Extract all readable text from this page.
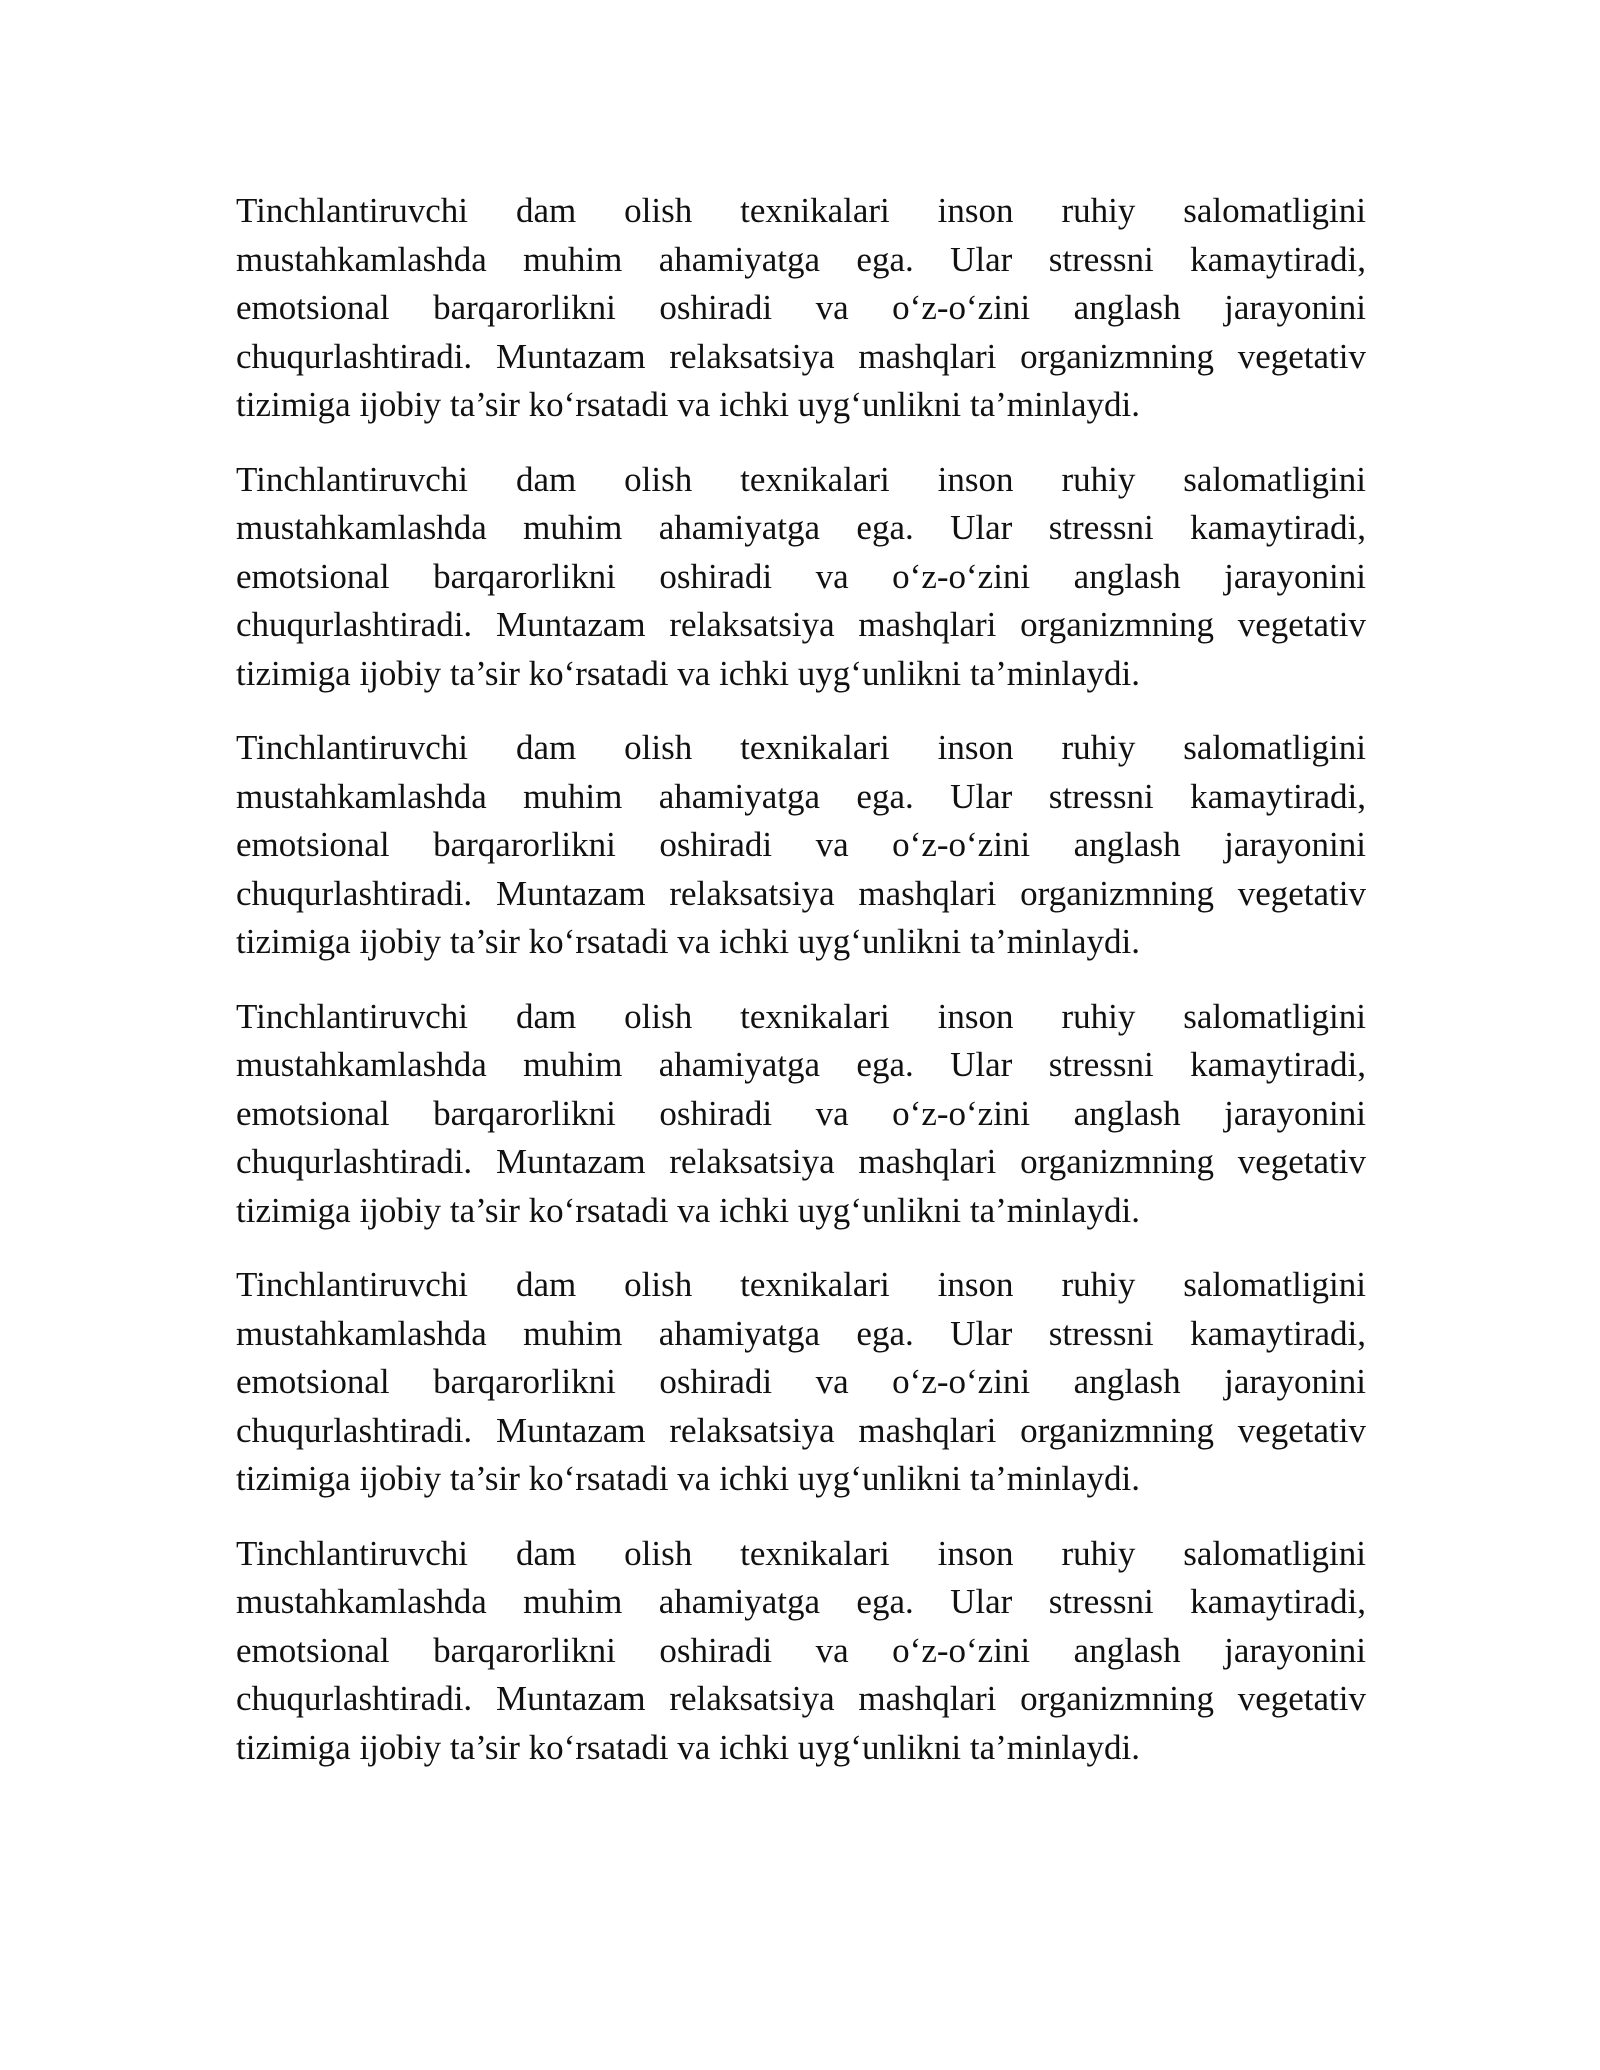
Tinchlantiruvchi dam olish texnikalari inson ruhiy salomatligini
mustahkamlashda muhim ahamiyatga ega. Ular stressni kamaytiradi,
emotsional barqarorlikni oshiradi va o‘z-o‘zini anglash jarayonini
chuqurlashtiradi. Muntazam relaksatsiya mashqlari organizmning vegetativ
tizimiga ijobiy ta’sir ko‘rsatadi va ichki uyg‘unlikni ta’minlaydi.

Tinchlantiruvchi dam olish texnikalari inson ruhiy salomatligini
mustahkamlashda muhim ahamiyatga ega. Ular stressni kamaytiradi,
emotsional barqarorlikni oshiradi va o‘z-o‘zini anglash jarayonini
chuqurlashtiradi. Muntazam relaksatsiya mashqlari organizmning vegetativ
tizimiga ijobiy ta’sir ko‘rsatadi va ichki uyg‘unlikni ta’minlaydi.

Tinchlantiruvchi dam olish texnikalari inson ruhiy salomatligini
mustahkamlashda muhim ahamiyatga ega. Ular stressni kamaytiradi,
emotsional barqarorlikni oshiradi va o‘z-o‘zini anglash jarayonini
chuqurlashtiradi. Muntazam relaksatsiya mashqlari organizmning vegetativ
tizimiga ijobiy ta’sir ko‘rsatadi va ichki uyg‘unlikni ta’minlaydi.

Tinchlantiruvchi dam olish texnikalari inson ruhiy salomatligini
mustahkamlashda muhim ahamiyatga ega. Ular stressni kamaytiradi,
emotsional barqarorlikni oshiradi va o‘z-o‘zini anglash jarayonini
chuqurlashtiradi. Muntazam relaksatsiya mashqlari organizmning vegetativ
tizimiga ijobiy ta’sir ko‘rsatadi va ichki uyg‘unlikni ta’minlaydi.

Tinchlantiruvchi dam olish texnikalari inson ruhiy salomatligini
mustahkamlashda muhim ahamiyatga ega. Ular stressni kamaytiradi,
emotsional barqarorlikni oshiradi va o‘z-o‘zini anglash jarayonini
chuqurlashtiradi. Muntazam relaksatsiya mashqlari organizmning vegetativ
tizimiga ijobiy ta’sir ko‘rsatadi va ichki uyg‘unlikni ta’minlaydi.

Tinchlantiruvchi dam olish texnikalari inson ruhiy salomatligini
mustahkamlashda muhim ahamiyatga ega. Ular stressni kamaytiradi,
emotsional barqarorlikni oshiradi va o‘z-o‘zini anglash jarayonini
chuqurlashtiradi. Muntazam relaksatsiya mashqlari organizmning vegetativ
tizimiga ijobiy ta’sir ko‘rsatadi va ichki uyg‘unlikni ta’minlaydi.
